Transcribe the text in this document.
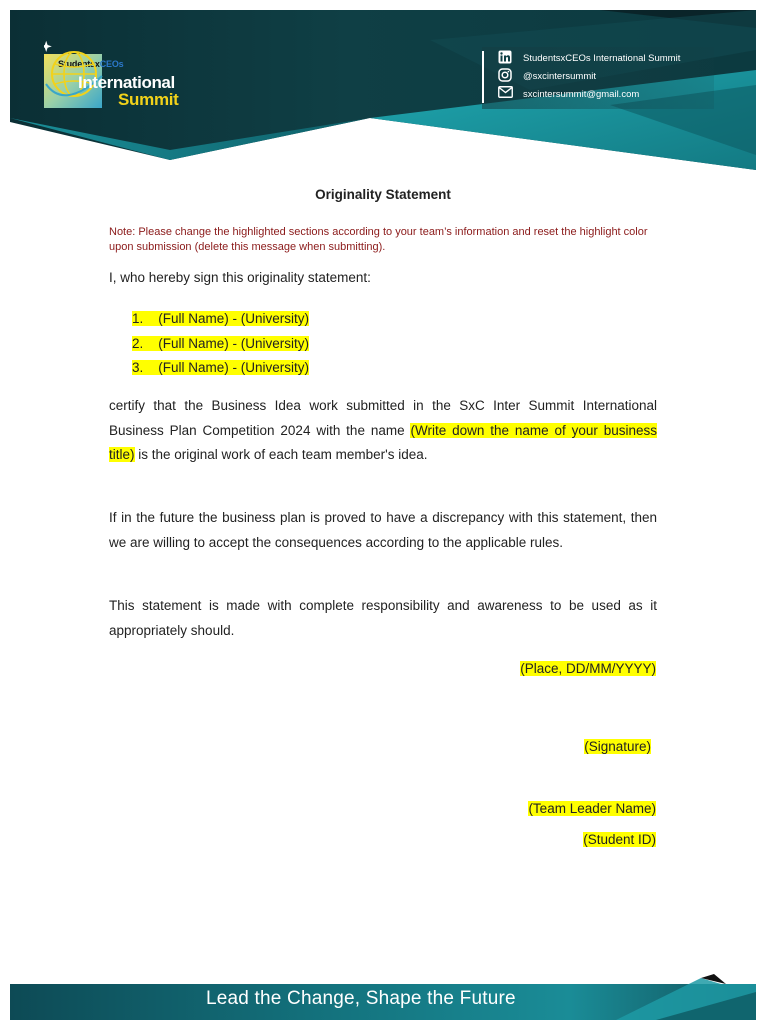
StudentsxCEOs
International
Summit
StudentsxCEOs International Summit
@sxcintersummit
sxcintersummit@gmail.com
Originality Statement
Note: Please change the highlighted sections according to your team’s information and reset the highlight color upon submission (delete this message when submitting).
I, who hereby sign this originality statement:
1. (Full Name) - (University)
2. (Full Name) - (University)
3. (Full Name) - (University)
certify that the Business Idea work submitted in the SxC Inter Summit International Business Plan Competition 2024 with the name (Write down the name of your business title) is the original work of each team member's idea.
If in the future the business plan is proved to have a discrepancy with this statement, then we are willing to accept the consequences according to the applicable rules.
This statement is made with complete responsibility and awareness to be used as it appropriately should.
(Place, DD/MM/YYYY)
(Signature)
(Team Leader Name)
(Student ID)
Lead the Change, Shape the Future
